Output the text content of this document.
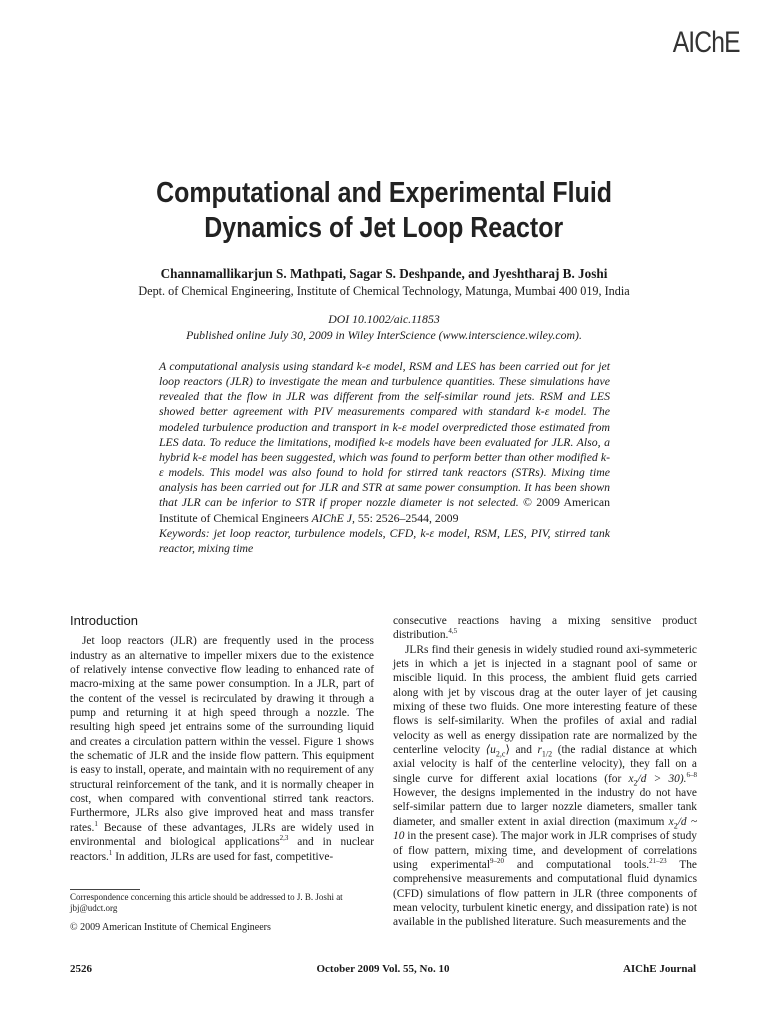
AIChE
Computational and Experimental Fluid
Dynamics of Jet Loop Reactor
Channamallikarjun S. Mathpati, Sagar S. Deshpande, and Jyeshtharaj B. Joshi
Dept. of Chemical Engineering, Institute of Chemical Technology, Matunga, Mumbai 400 019, India
DOI 10.1002/aic.11853
Published online July 30, 2009 in Wiley InterScience (www.interscience.wiley.com).

A computational analysis using standard k-ε model, RSM and LES has been carried out for jet loop reactors (JLR) to investigate the mean and turbulence quantities. These simulations have revealed that the flow in JLR was different from the self-similar round jets. RSM and LES showed better agreement with PIV measurements compared with standard k-ε model. The modeled turbulence production and transport in k-ε model overpredicted those estimated from LES data. To reduce the limitations, modified k-ε models have been evaluated for JLR. Also, a hybrid k-ε model has been suggested, which was found to perform better than other modified k-ε models. This model was also found to hold for stirred tank reactors (STRs). Mixing time analysis has been carried out for JLR and STR at same power consumption. It has been shown that JLR can be inferior to STR if proper nozzle diameter is not selected. © 2009 American Institute of Chemical Engineers AIChE J, 55: 2526–2544, 2009

Keywords: jet loop reactor, turbulence models, CFD, k-ε model, RSM, LES, PIV, stirred tank reactor, mixing time

Introduction

Jet loop reactors (JLR) are frequently used in the process industry as an alternative to impeller mixers due to the existence of relatively intense convective flow leading to enhanced rate of macro-mixing at the same power consumption. In a JLR, part of the content of the vessel is recirculated by drawing it through a pump and returning it at high speed through a nozzle. The resulting high speed jet entrains some of the surrounding liquid and creates a circulation pattern within the vessel. Figure 1 shows the schematic of JLR and the inside flow pattern. This equipment is easy to install, operate, and maintain with no requirement of any structural reinforcement of the tank, and it is normally cheaper in cost, when compared with conventional stirred tank reactors. Furthermore, JLRs also give improved heat and mass transfer rates.$^1$ Because of these advantages, JLRs are widely used in environmental and biological applications$^{2,3}$ and in nuclear reactors.$^1$ In addition, JLRs are used for fast, competitive-

consecutive reactions having a mixing sensitive product distribution.$^{4,5}$

JLRs find their genesis in widely studied round axi-symmeteric jets in which a jet is injected in a stagnant pool of same or miscible liquid. In this process, the ambient fluid gets carried along with jet by viscous drag at the outer layer of jet causing mixing of these two fluids. One more interesting feature of these flows is self-similarity. When the profiles of axial and radial velocity as well as energy dissipation rate are normalized by the centerline velocity $⟨u_{2,c}⟩$ and $r_{1/2}$ (the radial distance at which axial velocity is half of the centerline velocity), they fall on a single curve for different axial locations (for $x_2/d > 30).^{6-8}$ However, the designs implemented in the industry do not have self-similar pattern due to larger nozzle diameters, smaller tank diameter, and smaller extent in axial direction (maximum $x_2/d$ ~ 10 in the present case). The major work in JLR comprises of study of flow pattern, mixing time, and development of correlations using experimental$^{9-20}$ and computational tools.$^{21-23}$ The comprehensive measurements and computational fluid dynamics (CFD) simulations of flow pattern in JLR (three components of mean velocity, turbulent kinetic energy, and dissipation rate) is not available in the published literature. Such measurements and the

Correspondence concerning this article should be addressed to J. B. Joshi at jbj@udct.org
© 2009 American Institute of Chemical Engineers
2526	October 2009 Vol. 55, No. 10	AIChE Journal
